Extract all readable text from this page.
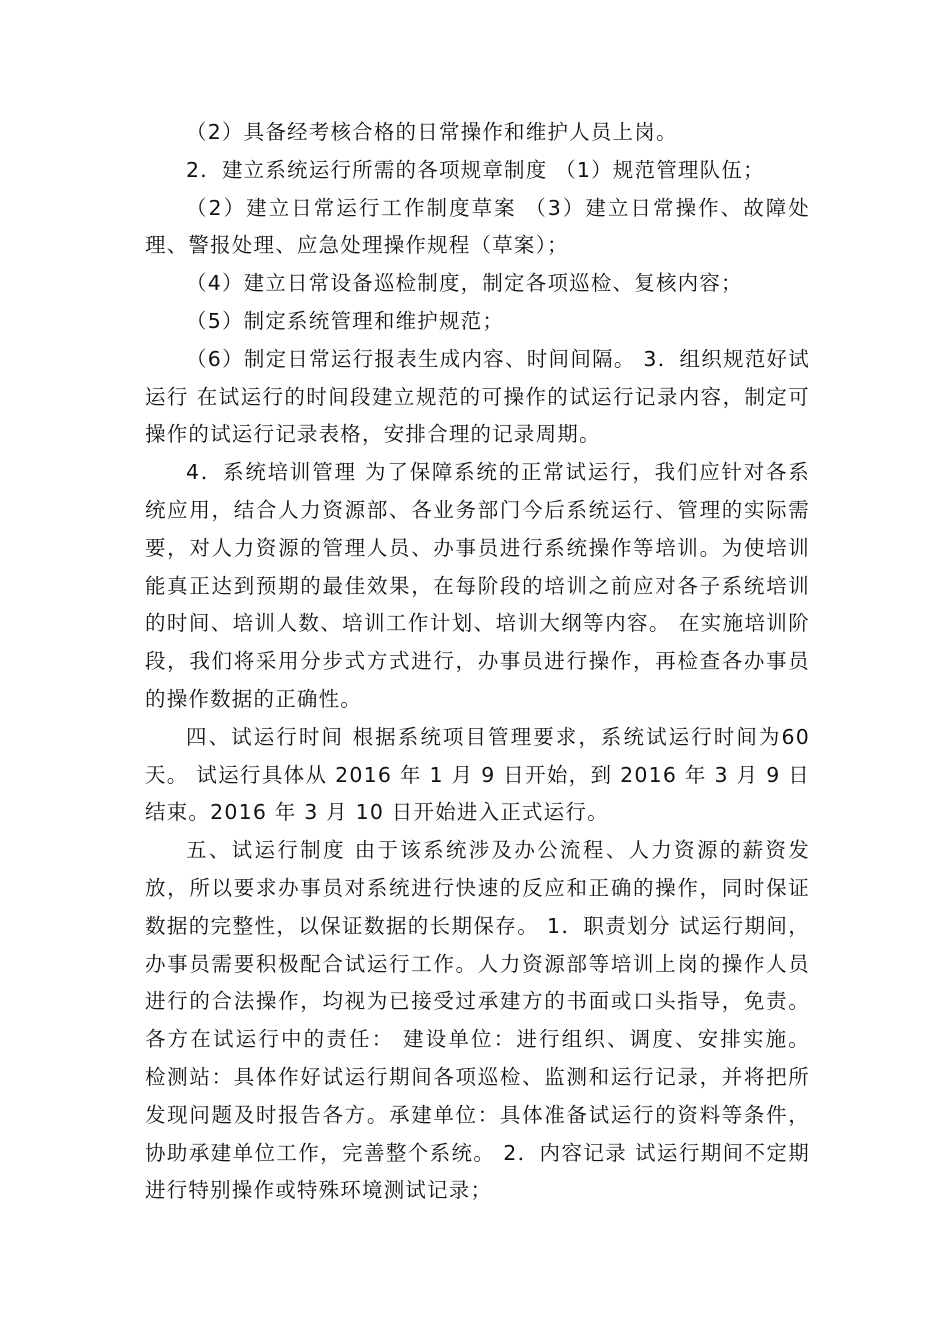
（2）具备经考核合格的日常操作和维护人员上岗。

2．建立系统运行所需的各项规章制度 （1）规范管理队伍；

（2）建立日常运行工作制度草案 （3）建立日常操作、故障处理、警报处理、应急处理操作规程（草案）；

（4）建立日常设备巡检制度，制定各项巡检、复核内容；

（5）制定系统管理和维护规范；

（6）制定日常运行报表生成内容、时间间隔。 3．组织规范好试运行 在试运行的时间段建立规范的可操作的试运行记录内容，制定可操作的试运行记录表格，安排合理的记录周期。

4．系统培训管理 为了保障系统的正常试运行，我们应针对各系统应用，结合人力资源部、各业务部门今后系统运行、管理的实际需要，对人力资源的管理人员、办事员进行系统操作等培训。为使培训能真正达到预期的最佳效果，在每阶段的培训之前应对各子系统培训的时间、培训人数、培训工作计划、培训大纲等内容。 在实施培训阶段，我们将采用分步式方式进行，办事员进行操作，再检查各办事员的操作数据的正确性。

四、试运行时间 根据系统项目管理要求，系统试运行时间为60天。 试运行具体从 2016 年 1 月 9 日开始，到 2016 年 3 月 9 日结束。2016 年 3 月 10 日开始进入正式运行。

五、试运行制度 由于该系统涉及办公流程、人力资源的薪资发放，所以要求办事员对系统进行快速的反应和正确的操作，同时保证数据的完整性，以保证数据的长期保存。 1．职责划分 试运行期间，办事员需要积极配合试运行工作。人力资源部等培训上岗的操作人员进行的合法操作，均视为已接受过承建方的书面或口头指导，免责。各方在试运行中的责任： 建设单位：进行组织、调度、安排实施。 检测站：具体作好试运行期间各项巡检、监测和运行记录，并将把所发现问题及时报告各方。承建单位：具体准备试运行的资料等条件，协助承建单位工作，完善整个系统。 2．内容记录 试运行期间不定期进行特别操作或特殊环境测试记录；
